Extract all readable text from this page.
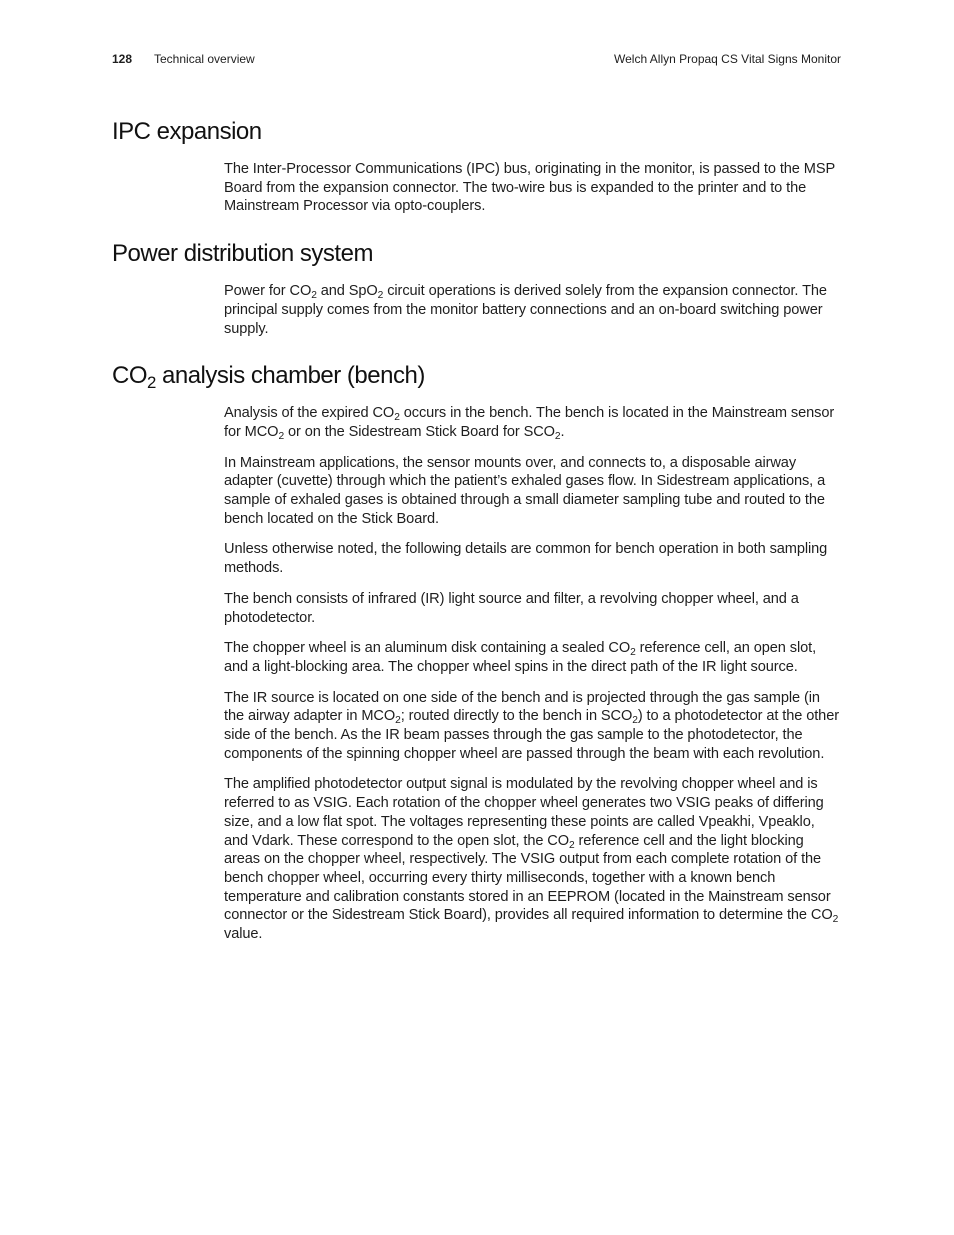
128 Technical overview	Welch Allyn Propaq CS Vital Signs Monitor
IPC expansion

The Inter-Processor Communications (IPC) bus, originating in the monitor, is passed to the MSP Board from the expansion connector. The two-wire bus is expanded to the printer and to the Mainstream Processor via opto-couplers.

Power distribution system

Power for $CO_2$ and SpO$_2$ circuit operations is derived solely from the expansion connector. The principal supply comes from the monitor battery connections and an on-board switching power supply.

$CO_2$ analysis chamber (bench)

Analysis of the expired $CO_2$ occurs in the bench. The bench is located in the Mainstream sensor for $MCO_2$ or on the Sidestream Stick Board for $SCO_2$.

In Mainstream applications, the sensor mounts over, and connects to, a disposable airway adapter (cuvette) through which the patient’s exhaled gases flow. In Sidestream applications, a sample of exhaled gases is obtained through a small diameter sampling tube and routed to the bench located on the Stick Board.

Unless otherwise noted, the following details are common for bench operation in both sampling methods.

The bench consists of infrared (IR) light source and filter, a revolving chopper wheel, and a photodetector.

The chopper wheel is an aluminum disk containing a sealed $CO_2$ reference cell, an open slot, and a light-blocking area. The chopper wheel spins in the direct path of the IR light source.

The IR source is located on one side of the bench and is projected through the gas sample (in the airway adapter in $MCO_2$; routed directly to the bench in $SCO_2$) to a photodetector at the other side of the bench. As the IR beam passes through the gas sample to the photodetector, the components of the spinning chopper wheel are passed through the beam with each revolution.

The amplified photodetector output signal is modulated by the revolving chopper wheel and is referred to as VSIG. Each rotation of the chopper wheel generates two VSIG peaks of differing size, and a low flat spot. The voltages representing these points are called Vpeakhi, Vpeaklo, and Vdark. These correspond to the open slot, the $CO_2$ reference cell and the light blocking areas on the chopper wheel, respectively. The VSIG output from each complete rotation of the bench chopper wheel, occurring every thirty milliseconds, together with a known bench temperature and calibration constants stored in an EEPROM (located in the Mainstream sensor connector or the Sidestream Stick Board), provides all required information to determine the $CO_2$ value.
